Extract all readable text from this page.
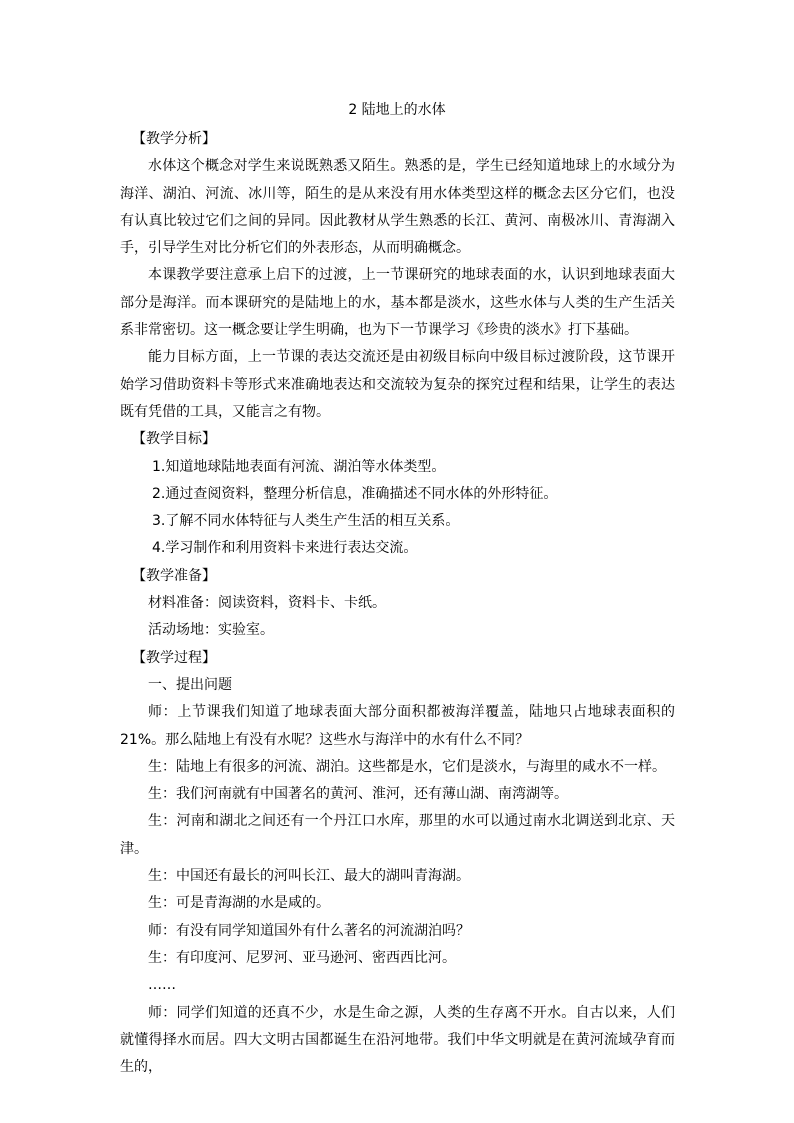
2 陆地上的水体

【教学分析】

水体这个概念对学生来说既熟悉又陌生。熟悉的是，学生已经知道地球上的水域分为海洋、湖泊、河流、冰川等，陌生的是从来没有用水体类型这样的概念去区分它们，也没有认真比较过它们之间的异同。因此教材从学生熟悉的长江、黄河、南极冰川、青海湖入手，引导学生对比分析它们的外表形态，从而明确概念。

本课教学要注意承上启下的过渡，上一节课研究的地球表面的水，认识到地球表面大部分是海洋。而本课研究的是陆地上的水，基本都是淡水，这些水体与人类的生产生活关系非常密切。这一概念要让学生明确，也为下一节课学习《珍贵的淡水》打下基础。

能力目标方面，上一节课的表达交流还是由初级目标向中级目标过渡阶段，这节课开始学习借助资料卡等形式来准确地表达和交流较为复杂的探究过程和结果，让学生的表达既有凭借的工具，又能言之有物。

【教学目标】

1.知道地球陆地表面有河流、湖泊等水体类型。

2.通过查阅资料，整理分析信息，准确描述不同水体的外形特征。

3.了解不同水体特征与人类生产生活的相互关系。

4.学习制作和利用资料卡来进行表达交流。

【教学准备】

材料准备：阅读资料，资料卡、卡纸。

活动场地：实验室。

【教学过程】

一、提出问题

师：上节课我们知道了地球表面大部分面积都被海洋覆盖，陆地只占地球表面积的21%。那么陆地上有没有水呢？这些水与海洋中的水有什么不同？

生：陆地上有很多的河流、湖泊。这些都是水，它们是淡水，与海里的咸水不一样。

生：我们河南就有中国著名的黄河、淮河，还有薄山湖、南湾湖等。

生：河南和湖北之间还有一个丹江口水库，那里的水可以通过南水北调送到北京、天津。

生：中国还有最长的河叫长江、最大的湖叫青海湖。

生：可是青海湖的水是咸的。

师：有没有同学知道国外有什么著名的河流湖泊吗？

生：有印度河、尼罗河、亚马逊河、密西西比河。

……

师：同学们知道的还真不少，水是生命之源，人类的生存离不开水。自古以来，人们就懂得择水而居。四大文明古国都诞生在沿河地带。我们中华文明就是在黄河流域孕育而生的，
